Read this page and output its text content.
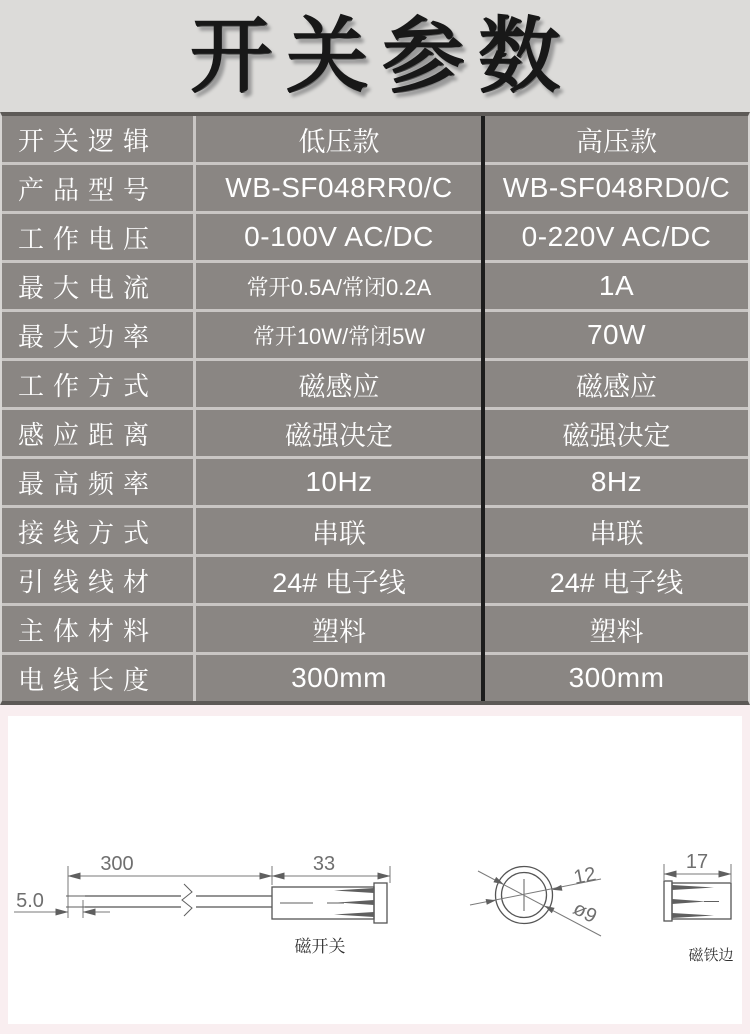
开关参数
开关逻辑	低压款	高压款
产品型号	WB-SF048RR0/C	WB-SF048RD0/C
工作电压	0-100V AC/DC	0-220V AC/DC
最大电流	常开0.5A/常闭0.2A	1A
最大功率	常开10W/常闭5W	70W
工作方式	磁感应	磁感应
感应距离	磁强决定	磁强决定
最高频率	10Hz	8Hz
接线方式	串联	串联
引线线材	24# 电子线	24# 电子线
主体材料	塑料	塑料
电线长度	300mm	300mm
300	33
5.0
磁开关
12
ø9
17
磁铁边
